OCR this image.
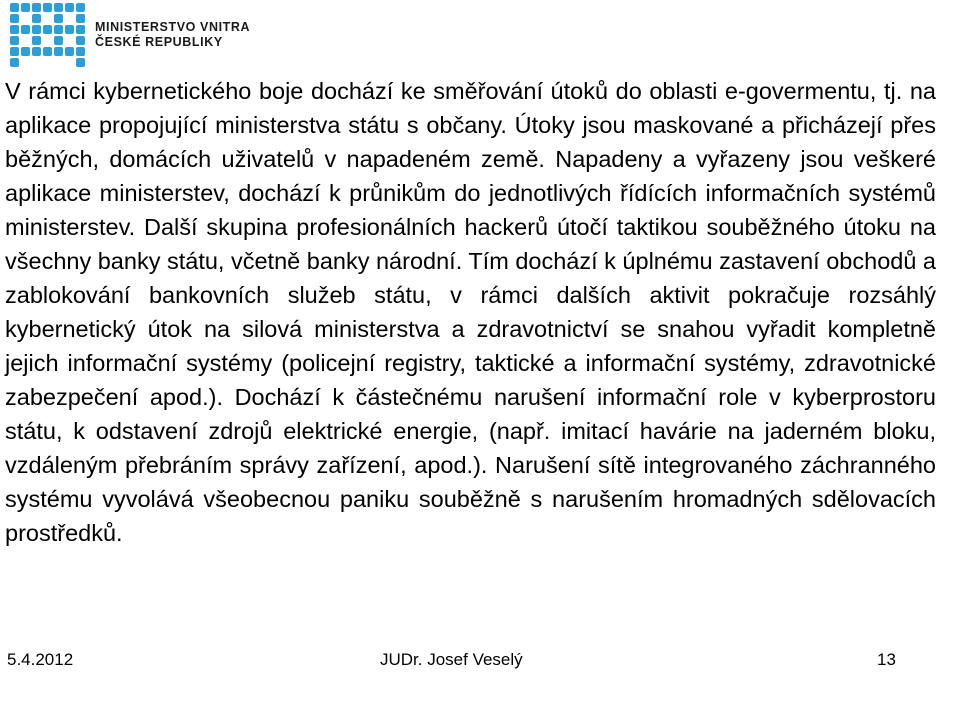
MINISTERSTVO VNITRA
ČESKÉ REPUBLIKY

V rámci kybernetického boje dochází ke směřování útoků do oblasti e-govermentu, tj. na aplikace propojující ministerstva státu s občany. Útoky jsou maskované a přicházejí přes běžných, domácích uživatelů v napadeném země. Napadeny a vyřazeny jsou veškeré aplikace ministerstev, dochází k průnikům do jednotlivých řídících informačních systémů ministerstev. Další skupina profesionálních hackerů útočí taktikou souběžného útoku na všechny banky státu, včetně banky národní. Tím dochází k úplnému zastavení obchodů a zablokování bankovních služeb státu, v rámci dalších aktivit pokračuje rozsáhlý kybernetický útok na silová ministerstva a zdravotnictví se snahou vyřadit kompletně jejich informační systémy (policejní registry, taktické a informační systémy, zdravotnické zabezpečení apod.). Dochází k částečnému narušení informační role v kyberprostoru státu, k odstavení zdrojů elektrické energie, (např. imitací havárie na jaderném bloku, vzdáleným přebráním správy zařízení, apod.). Narušení sítě integrovaného záchranného systému vyvolává všeobecnou paniku souběžně s narušením hromadných sdělovacích prostředků.

5.4.2012	JUDr. Josef Veselý	13
